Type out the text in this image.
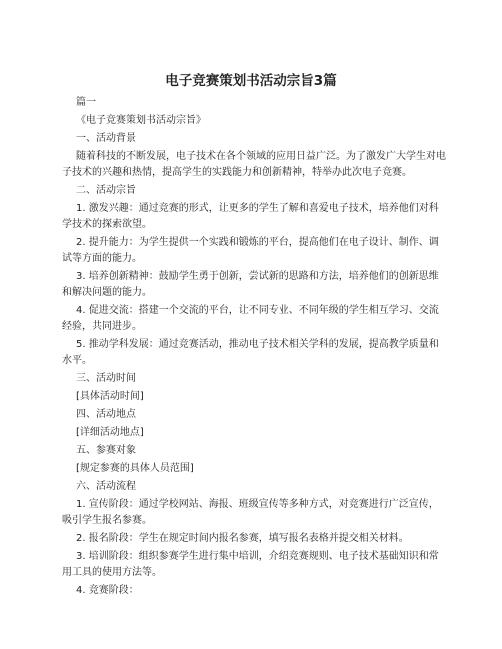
电子竞赛策划书活动宗旨3篇
篇一
《电子竞赛策划书活动宗旨》
一、活动背景
随着科技的不断发展，电子技术在各个领域的应用日益广泛。为了激发广大学生对电
子技术的兴趣和热情，提高学生的实践能力和创新精神，特举办此次电子竞赛。
二、活动宗旨
1. 激发兴趣：通过竞赛的形式，让更多的学生了解和喜爱电子技术，培养他们对科
学技术的探索欲望。
2. 提升能力：为学生提供一个实践和锻炼的平台，提高他们在电子设计、制作、调
试等方面的能力。
3. 培养创新精神：鼓励学生勇于创新，尝试新的思路和方法，培养他们的创新思维
和解决问题的能力。
4. 促进交流：搭建一个交流的平台，让不同专业、不同年级的学生相互学习、交流
经验，共同进步。
5. 推动学科发展：通过竞赛活动，推动电子技术相关学科的发展，提高教学质量和
水平。
三、活动时间
[具体活动时间]
四、活动地点
[详细活动地点]
五、参赛对象
[规定参赛的具体人员范围]
六、活动流程
1. 宣传阶段：通过学校网站、海报、班级宣传等多种方式，对竞赛进行广泛宣传，
吸引学生报名参赛。
2. 报名阶段：学生在规定时间内报名参赛，填写报名表格并提交相关材料。
3. 培训阶段：组织参赛学生进行集中培训，介绍竞赛规则、电子技术基础知识和常
用工具的使用方法等。
4. 竞赛阶段：
